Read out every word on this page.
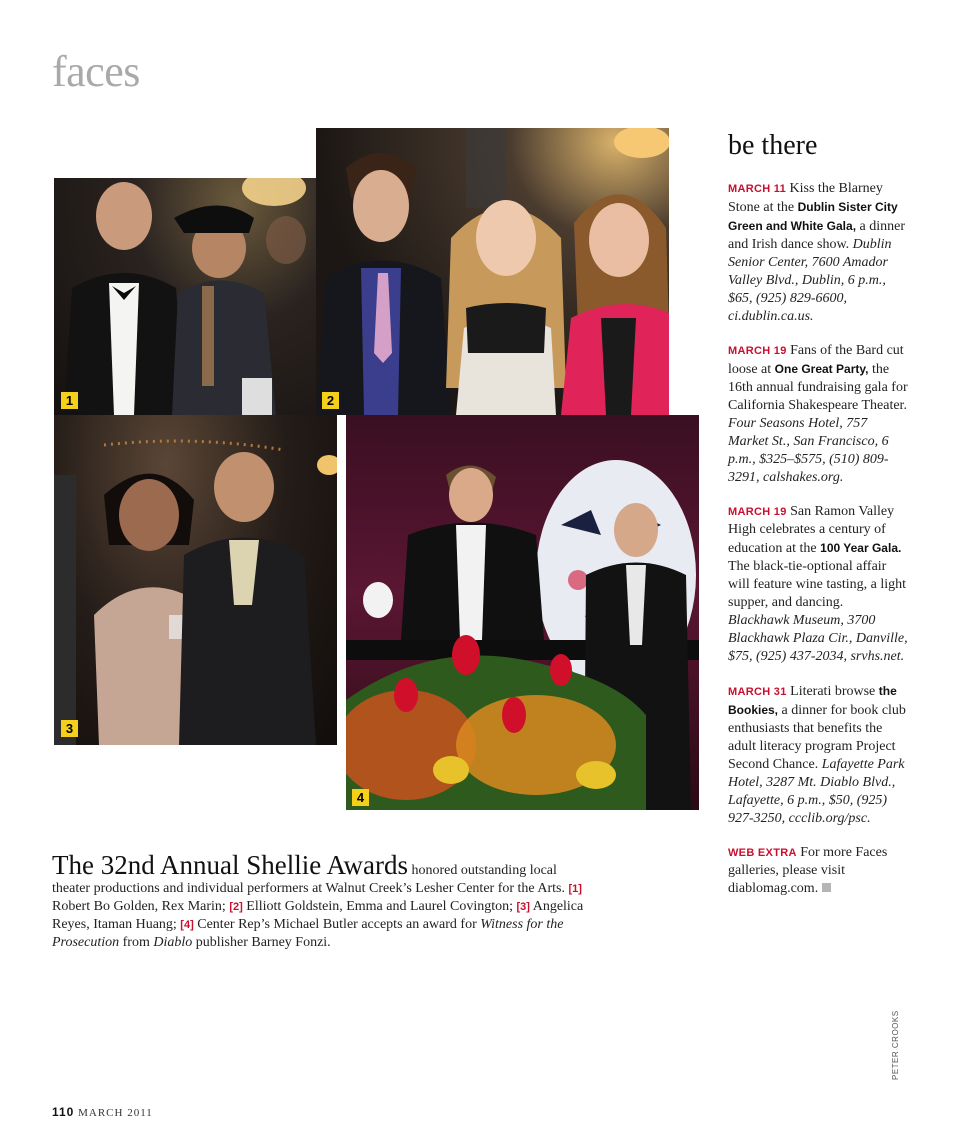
faces
1	2
3
4
The 32nd Annual Shellie Awards honored outstanding local theater productions and individual performers at Walnut Creek’s Lesher Center for the Arts. [1] Robert Bo Golden, Rex Marin; [2] Elliott Goldstein, Emma and Laurel Covington; [3] Angelica Reyes, Itaman Huang; [4] Center Rep’s Michael Butler accepts an award for Witness for the Prosecution from Diablo publisher Barney Fonzi.
be there
MARCH 11 Kiss the Blarney Stone at the Dublin Sister City Green and White Gala, a dinner and Irish dance show. Dublin Senior Center, 7600 Amador Valley Blvd., Dublin, 6 p.m., $65, (925) 829-6600, ci.dublin.ca.us.
MARCH 19 Fans of the Bard cut loose at One Great Party, the 16th annual fundraising gala for California Shakespeare Theater. Four Seasons Hotel, 757 Market St., San Francisco, 6 p.m., $325–$575, (510) 809-3291, calshakes.org.
MARCH 19 San Ramon Valley High celebrates a century of education at the 100 Year Gala. The black-tie-optional affair will feature wine tasting, a light supper, and dancing. Blackhawk Museum, 3700 Blackhawk Plaza Cir., Danville, $75, (925) 437-2034, srvhs.net.
MARCH 31 Literati browse the Bookies, a dinner for book club enthusiasts that benefits the adult literacy program Project Second Chance. Lafayette Park Hotel, 3287 Mt. Diablo Blvd., Lafayette, 6 p.m., $50, (925) 927-3250, ccclib.org/psc.
WEB EXTRA For more Faces galleries, please visit diablomag.com.
PETER CROOKS
110 MARCH 2011
